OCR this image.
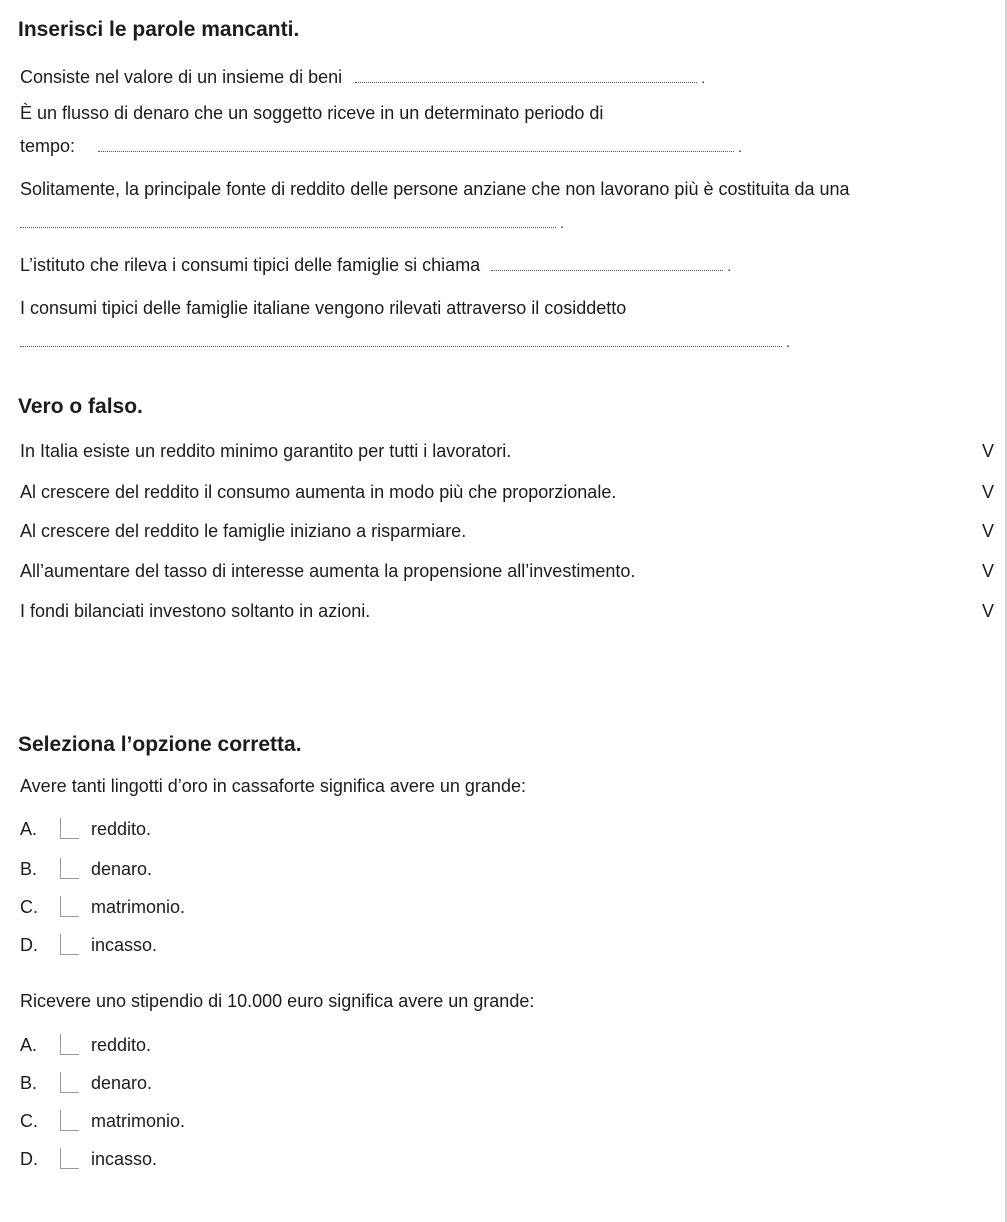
Inserisci le parole mancanti.
Consiste nel valore di un insieme di beni	.
È un flusso di denaro che un soggetto riceve in un determinato periodo di
tempo:	.
Solitamente, la principale fonte di reddito delle persone anziane che non lavorano più è costituita da una
.
L’istituto che rileva i consumi tipici delle famiglie si chiama	.
I consumi tipici delle famiglie italiane vengono rilevati attraverso il cosiddetto
.
Vero o falso.
In Italia esiste un reddito minimo garantito per tutti i lavoratori.	V
Al crescere del reddito il consumo aumenta in modo più che proporzionale.	V
Al crescere del reddito le famiglie iniziano a risparmiare.	V
All’aumentare del tasso di interesse aumenta la propensione all’investimento.	V
I fondi bilanciati investono soltanto in azioni.	V
Seleziona l’opzione corretta.
Avere tanti lingotti d’oro in cassaforte significa avere un grande:
A.	reddito.
B.	denaro.
C.	matrimonio.
D.	incasso.
Ricevere uno stipendio di 10.000 euro significa avere un grande:
A.	reddito.
B.	denaro.
C.	matrimonio.
D.	incasso.
